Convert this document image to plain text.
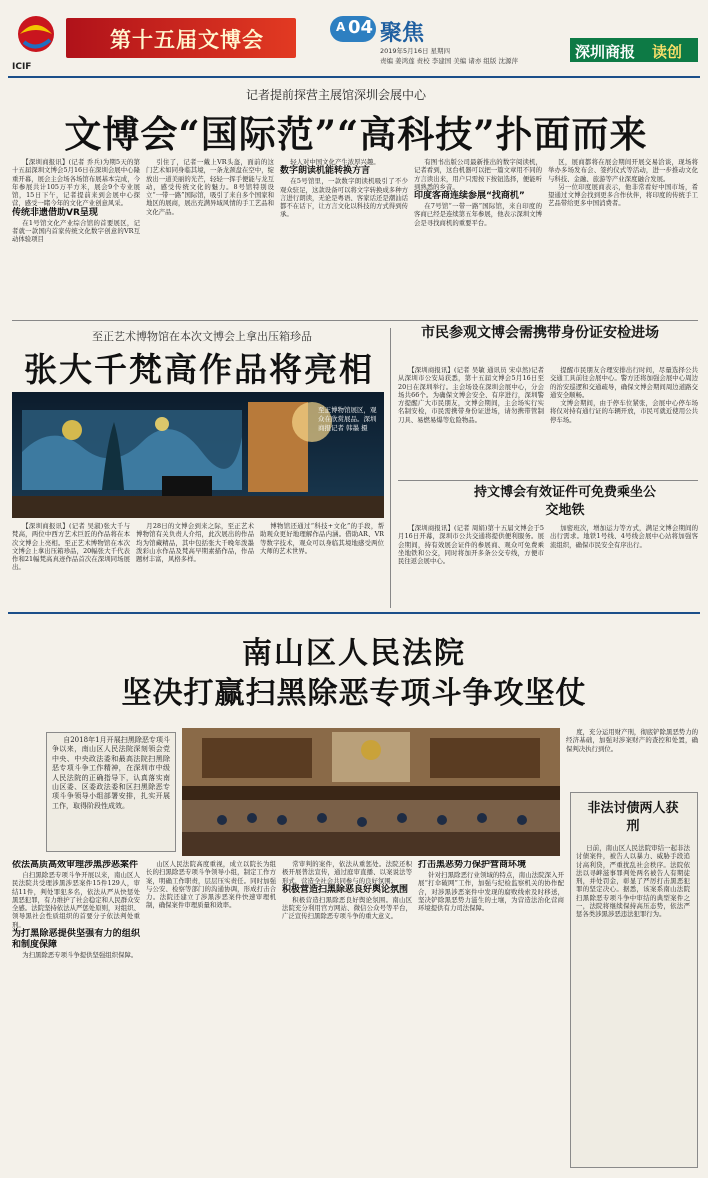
ICIF
第十五届文博会
A 04 聚焦
2019年5月16日 星期四
责编 姜鸿莲 责校 李建国 美编 诸亦 组版 沈源萍	深圳商报 读创
记者提前探营主展馆深圳会展中心
文博会“国际范”“高科技”扑面而来

【深圳商报讯】(记者 乔兵)为期5天的第十五届深圳文博会5月16日在深圳会展中心隆重开幕，展会主会场各场馆布展基本完成，今年参展共计105万平方米，展会9个专业展馆，15日下午，记者提前来到会展中心探营，感受一睹今年的文化产业创意风采。

传统非遗借助VR呈现

在1号馆文化产业综合馆的首要展区，记者就一款国内首家传统文化数字创意的VR互动体验项目

引住了，记者一戴上VR头盔，面前的这门艺术如同身临其境，一条龙颈盘在空中，绽放出一道美丽的光芒，轻轻一挥手便能与龙互动，感受传统文化的魅力。8号馆特别设立“一带一路”国际馆，吸引了来自多个国家和地区的展商，展出充满异域风情的手工艺品和文化产品。

轻人对中国文化产生浓厚兴趣。

数字朗读机能转换方言

在5号馆里，一款数字朗读机吸引了不少观众驻足，这款设备可以将文字转换成多种方言进行朗读，无论是粤语、客家话还是潮汕话都不在话下，让方言文化以科技的方式得到传承。

有图书出版公司最新推出的数字阅读机，记者看到，这台机器可以把一篇文章用不同的方言读出来，用户只需按下按钮选择，便能听到熟悉的乡音。

印度客商连续参展“找商机”

在7号馆“一带一路”国际馆，来自印度的客商已经是连续第五年参展，他表示深圳文博会是寻找商机的重要平台。

区，展商都将在展会期间开展交易洽谈，现场将举办多场发布会、签约仪式等活动，进一步推动文化与科技、金融、旅游等产业深度融合发展。

另一位印度展商表示，他非常看好中国市场，希望通过文博会找到更多合作伙伴，将印度的传统手工艺品带给更多中国消费者。

至正艺术博物馆在本次文博会上拿出压箱珍品
张大千梵高作品将亮相
至正博物馆展区，观众在欣赏展品。深圳商报记者 韩墨 摄

【深圳商报讯】(记者 吴淑)张大千与梵高，两位中西方艺术巨匠的作品将在本次文博会上亮相。至正艺术博物馆在本次文博会上拿出压箱珍品，20幅张大千代表作和21幅梵高真迹作品首次在深圳同场展出。

月28日的文博会到来之际，至正艺术博物馆有关负责人介绍，此次展出的作品均为馆藏精品，其中包括张大千晚年泼墨泼彩山水作品及梵高早期素描作品，作品题材丰富，风格多样。

博物馆还通过“科技+文化”的手段，帮助观众更好地理解作品内涵。借助AR、VR等数字技术，观众可以身临其境地感受两位大师的艺术世界。

市民参观文博会需携带身份证安检进场

【深圳商报讯】(记者 吴敏 通讯员 宋卓然)记者从深圳市公安局获悉，第十五届文博会5月16日至20日在深圳举行。主会场设在深圳会展中心，分会场共66个。为确保文博会安全、有序进行，深圳警方提醒广大市民朋友，文博会期间，主会场实行实名制安检，市民需携带身份证进场，请勿携带管制刀具、易燃易爆等危险物品。

提醒市民朋友合理安排出行时间，尽量选择公共交通工具前往会展中心。警方还将加强会展中心周边的治安巡逻和交通疏导，确保文博会期间周边道路交通安全顺畅。

文博会期间，由于停车位紧张，会展中心停车场将仅对持有通行证的车辆开放，市民可就近使用公共停车场。

持文博会有效证件可免费乘坐公交地铁

【深圳商报讯】(记者 周娟)第十五届文博会于5月16日开幕，深圳市公共交通将提供便利服务。展会期间，持有效展会证件的参展商、观众可免费乘坐地铁和公交，同时将加开多条公交专线，方便市民往返会展中心。

加密班次，增加运力等方式，满足文博会期间的出行需求。地铁1号线、4号线会展中心站将加强客流组织，确保市民安全有序出行。

南山区人民法院
坚决打赢扫黑除恶专项斗争攻坚仗

自2018年1月开展扫黑除恶专项斗争以来，南山区人民法院深刻领会党中央、中央政法委和最高法院扫黑除恶专项斗争工作精神，在深圳市中级人民法院的正确指导下，认真落实南山区委、区委政法委和区扫黑除恶专项斗争领导小组部署安排，扎实开展工作，取得阶段性成效。

度，充分运用财产刑，彻底铲除黑恶势力的经济基础，加强对涉案财产的查控和处置，确保判决执行到位。

非法讨债两人获刑

日前，南山区人民法院审结一起非法讨债案件，被告人以暴力、威胁手段追讨高利贷，严重扰乱社会秩序。法院依法以寻衅滋事罪判处两名被告人有期徒刑，并处罚金，彰显了严厉打击黑恶犯罪的坚定决心。据悉，该案系南山法院扫黑除恶专项斗争中审结的典型案件之一，法院将继续保持高压态势，依法严惩各类涉黑涉恶违法犯罪行为。

依法高质高效审理涉黑涉恶案件

自扫黑除恶专项斗争开展以来，南山区人民法院共受理涉黑涉恶案件15件129人，审结11件，判处罪犯多名，依法从严从快惩处黑恶犯罪，有力维护了社会稳定和人民群众安全感。法院坚持依法从严惩处原则，对组织、领导黑社会性质组织的首要分子依法判处重刑。

为打黑除恶提供坚强有力的组织和制度保障

为扫黑除恶专项斗争提供坚强组织保障。

山区人民法院高度重视，成立以院长为组长的扫黑除恶专项斗争领导小组，制定工作方案，明确工作职责，层层压实责任。同时加强与公安、检察等部门的沟通协调，形成打击合力。法院还建立了涉黑涉恶案件快速审理机制，确保案件审理质量和效率。

常审判的案件，依法从重惩处。法院还积极开展普法宣传，通过庭审直播、以案说法等形式，营造全社会共同参与的良好氛围。

积极营造扫黑除恶良好舆论氛围

积极营造扫黑除恶良好舆论氛围。南山区法院充分利用官方网站、微信公众号等平台，广泛宣传扫黑除恶专项斗争的重大意义。

打击黑恶势力保护营商环境

针对扫黑除恶行业领域的特点，南山法院深入开展“打伞破网”工作，加强与纪检监察机关的协作配合，对涉黑涉恶案件中发现的腐败线索及时移送，坚决铲除黑恶势力滋生的土壤，为营造法治化营商环境提供有力司法保障。
